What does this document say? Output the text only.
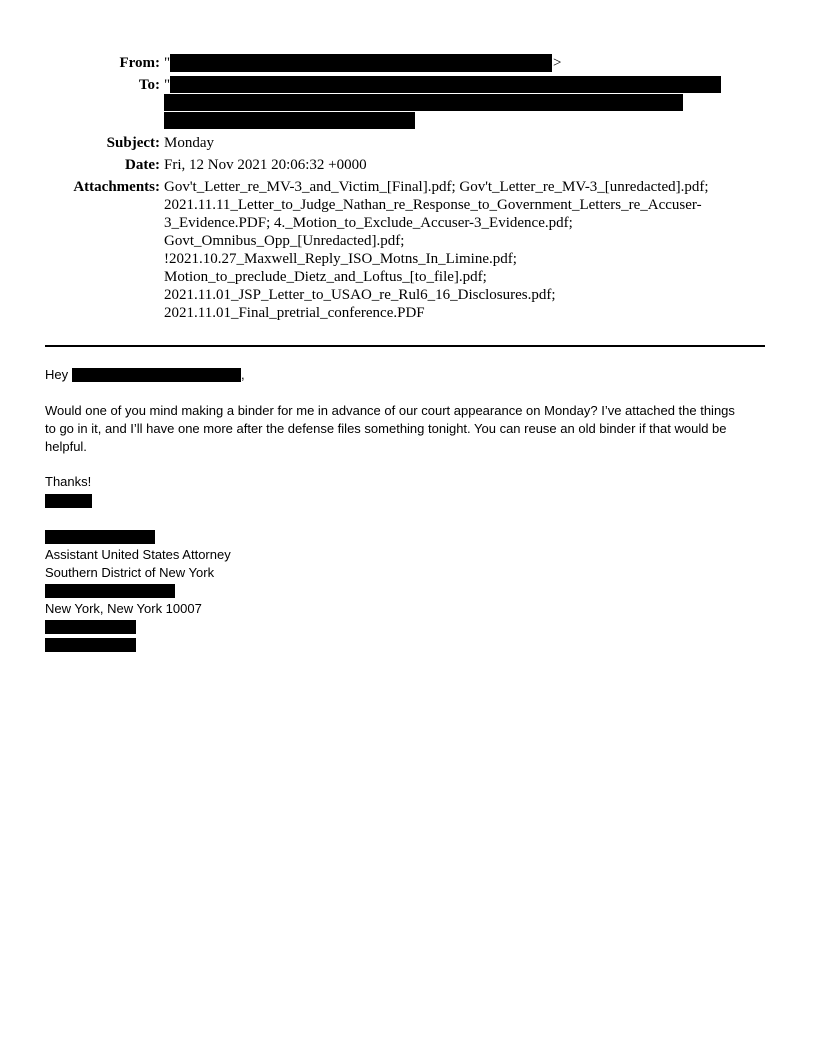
From: "	>
To: "
Subject: Monday
Date: Fri, 12 Nov 2021 20:06:32 +0000
Attachments: Gov't_Letter_re_MV-3_and_Victim_[Final].pdf; Gov't_Letter_re_MV-3_[unredacted].pdf;
2021.11.11_Letter_to_Judge_Nathan_re_Response_to_Government_Letters_re_Accuser-
3_Evidence.PDF; 4._Motion_to_Exclude_Accuser-3_Evidence.pdf;
Govt_Omnibus_Opp_[Unredacted].pdf;
!2021.10.27_Maxwell_Reply_ISO_Motns_In_Limine.pdf;
Motion_to_preclude_Dietz_and_Loftus_[to_file].pdf;
2021.11.01_JSP_Letter_to_USAO_re_Rul6_16_Disclosures.pdf;
2021.11.01_Final_pretrial_conference.PDF
Hey	,
Would one of you mind making a binder for me in advance of our court appearance on Monday? I’ve attached the things
to go in it, and I’ll have one more after the defense files something tonight. You can reuse an old binder if that would be
helpful.
Thanks!
Assistant United States Attorney
Southern District of New York
New York, New York 10007
